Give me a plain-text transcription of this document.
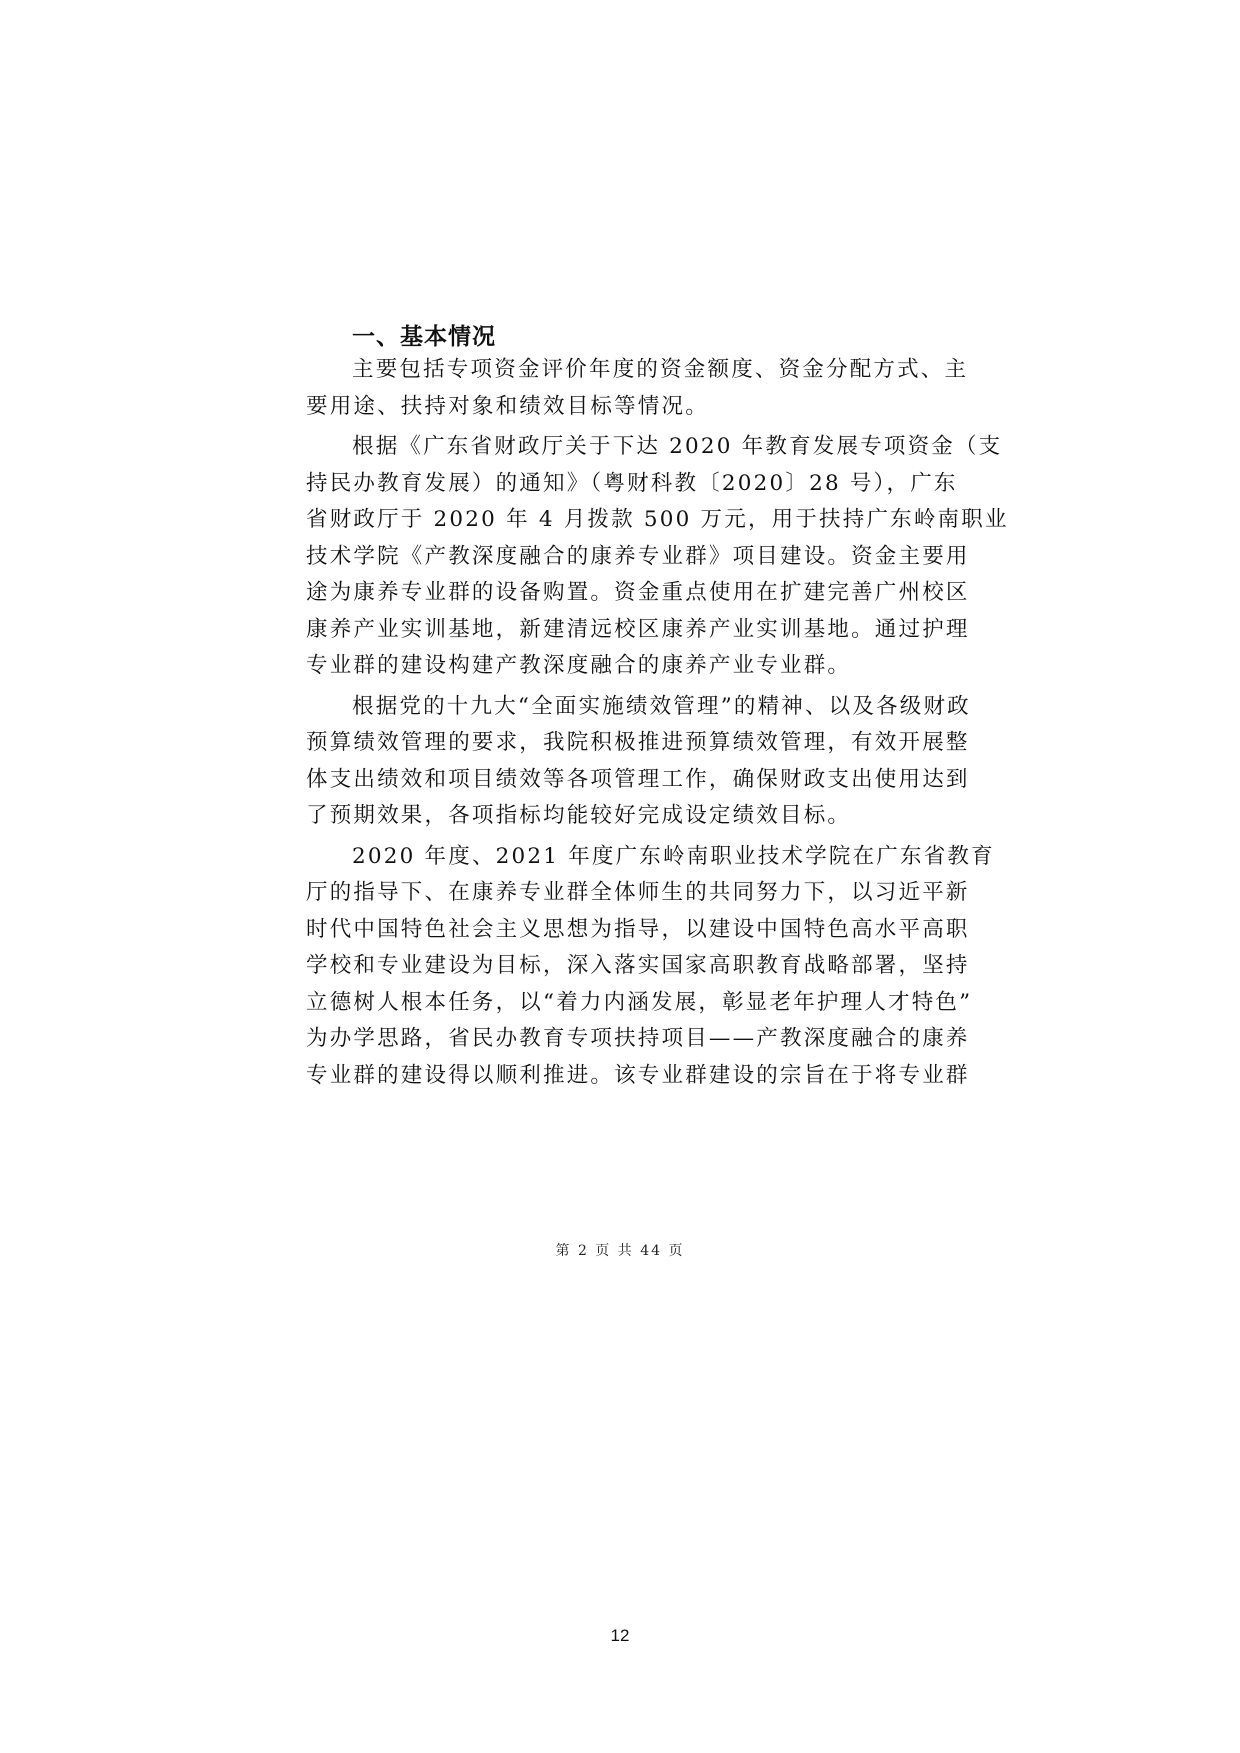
一、基本情况
主要包括专项资金评价年度的资金额度、资金分配方式、主
要用途、扶持对象和绩效目标等情况。
根据《广东省财政厅关于下达 2020 年教育发展专项资金（支
持民办教育发展）的通知》（粤财科教〔2020〕28 号），广东
省财政厅于 2020 年 4 月拨款 500 万元，用于扶持广东岭南职业
技术学院《产教深度融合的康养专业群》项目建设。资金主要用
途为康养专业群的设备购置。资金重点使用在扩建完善广州校区
康养产业实训基地，新建清远校区康养产业实训基地。通过护理
专业群的建设构建产教深度融合的康养产业专业群。
根据党的十九大“全面实施绩效管理”的精神、以及各级财政
预算绩效管理的要求，我院积极推进预算绩效管理，有效开展整
体支出绩效和项目绩效等各项管理工作，确保财政支出使用达到
了预期效果，各项指标均能较好完成设定绩效目标。
2020 年度、2021 年度广东岭南职业技术学院在广东省教育
厅的指导下、在康养专业群全体师生的共同努力下，以习近平新
时代中国特色社会主义思想为指导，以建设中国特色高水平高职
学校和专业建设为目标，深入落实国家高职教育战略部署，坚持
立德树人根本任务，以“着力内涵发展，彰显老年护理人才特色”
为办学思路，省民办教育专项扶持项目——产教深度融合的康养
专业群的建设得以顺利推进。该专业群建设的宗旨在于将专业群
第 2 页 共 44 页
12
